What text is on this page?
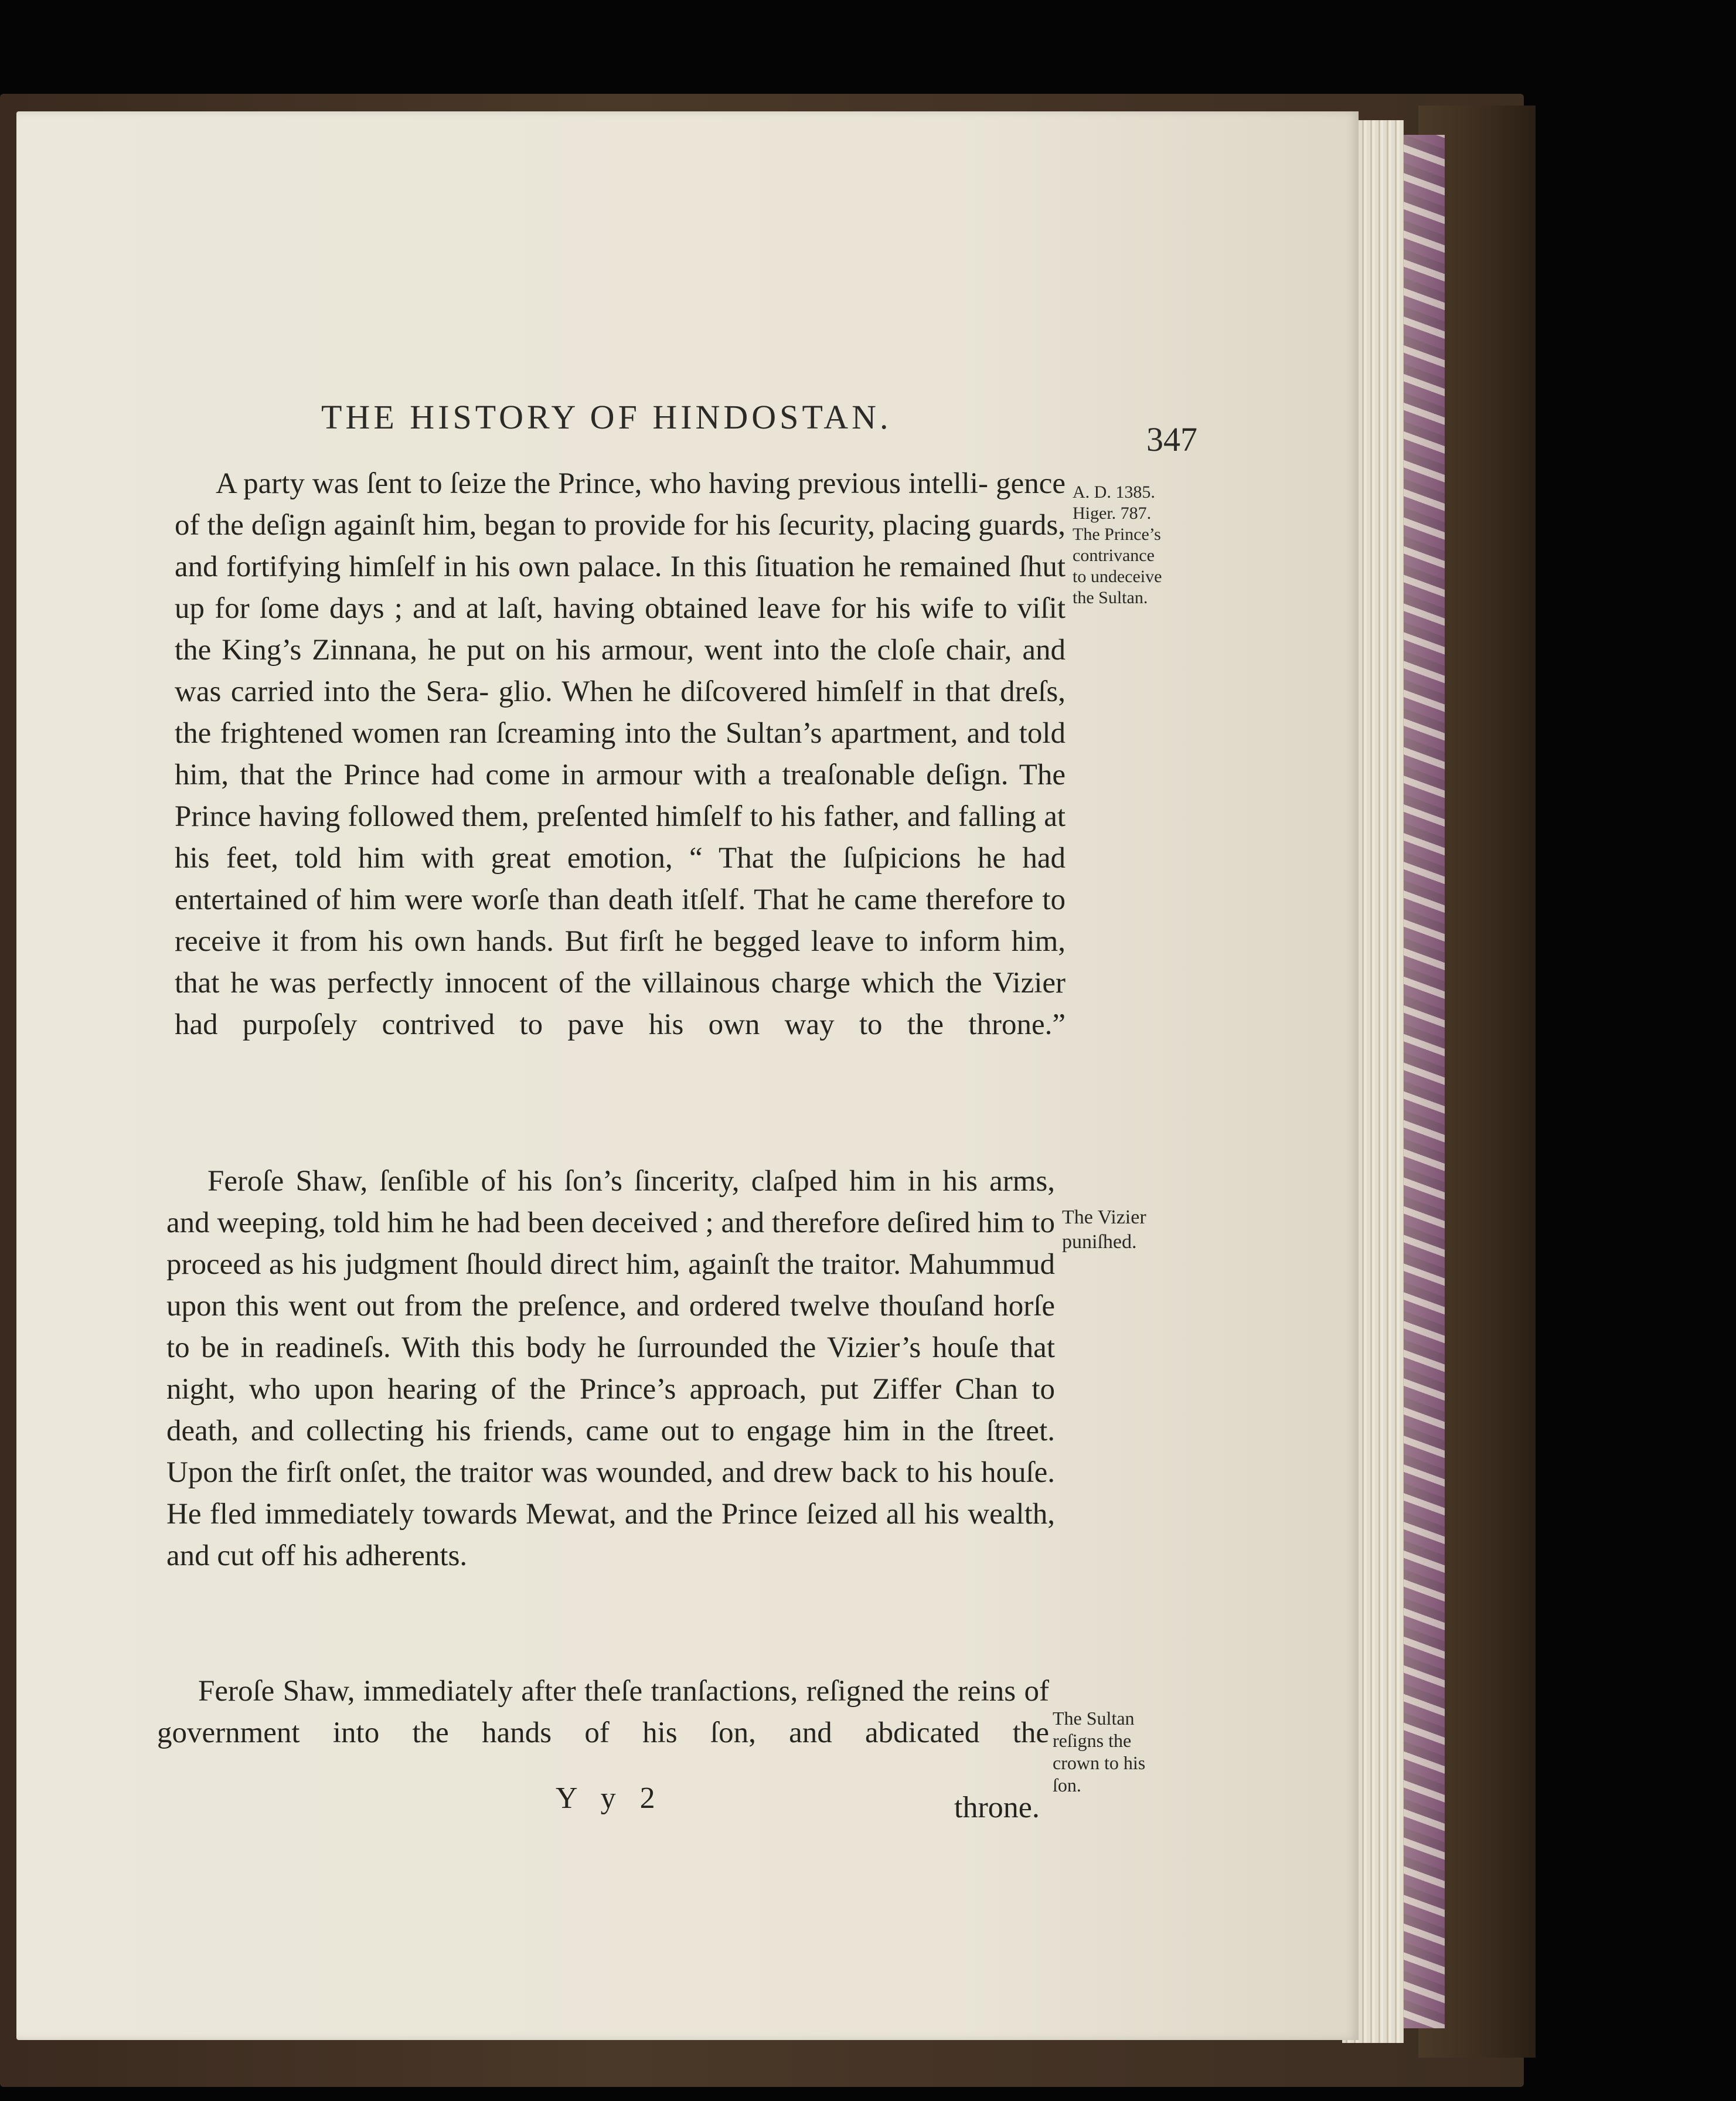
THE HISTORY OF HINDOSTAN.
347
A party was ſent to ſeize the Prince, who having previous intelli- gence of the deſign againſt him, began to provide for his ſecurity, placing guards, and fortifying himſelf in his own palace. In this ſituation he remained ſhut up for ſome days ; and at laſt, having obtained leave for his wife to viſit the King’s Zinnana, he put on his armour, went into the cloſe chair, and was carried into the Sera- glio. When he diſcovered himſelf in that dreſs, the frightened women ran ſcreaming into the Sultan’s apartment, and told him, that the Prince had come in armour with a treaſonable deſign. The Prince having followed them, preſented himſelf to his father, and falling at his feet, told him with great emotion, “ That the ſuſpicions he had entertained of him were worſe than death itſelf. That he came therefore to receive it from his own hands. But firſt he begged leave to inform him, that he was perfectly innocent of the villainous charge which the Vizier had purpoſely contrived to pave his own way to the throne.”
Feroſe Shaw, ſenſible of his ſon’s ſincerity, claſped him in his arms, and weeping, told him he had been deceived ; and therefore deſired him to proceed as his judgment ſhould direct him, againſt the traitor. Mahummud upon this went out from the preſence, and ordered twelve thouſand horſe to be in readineſs. With this body he ſurrounded the Vizier’s houſe that night, who upon hearing of the Prince’s approach, put Ziffer Chan to death, and collecting his friends, came out to engage him in the ſtreet. Upon the firſt onſet, the traitor was wounded, and drew back to his houſe. He fled immediately towards Mewat, and the Prince ſeized all his wealth, and cut off his adherents.
Feroſe Shaw, immediately after theſe tranſactions, reſigned the reins of government into the hands of his ſon, and abdicated the
Y y 2	throne.
A. D. 1385.
Higer. 787.
The Prince’s
contrivance
to undeceive
the Sultan.
The Vizier
puniſhed.
The Sultan
reſigns the
crown to his
ſon.
